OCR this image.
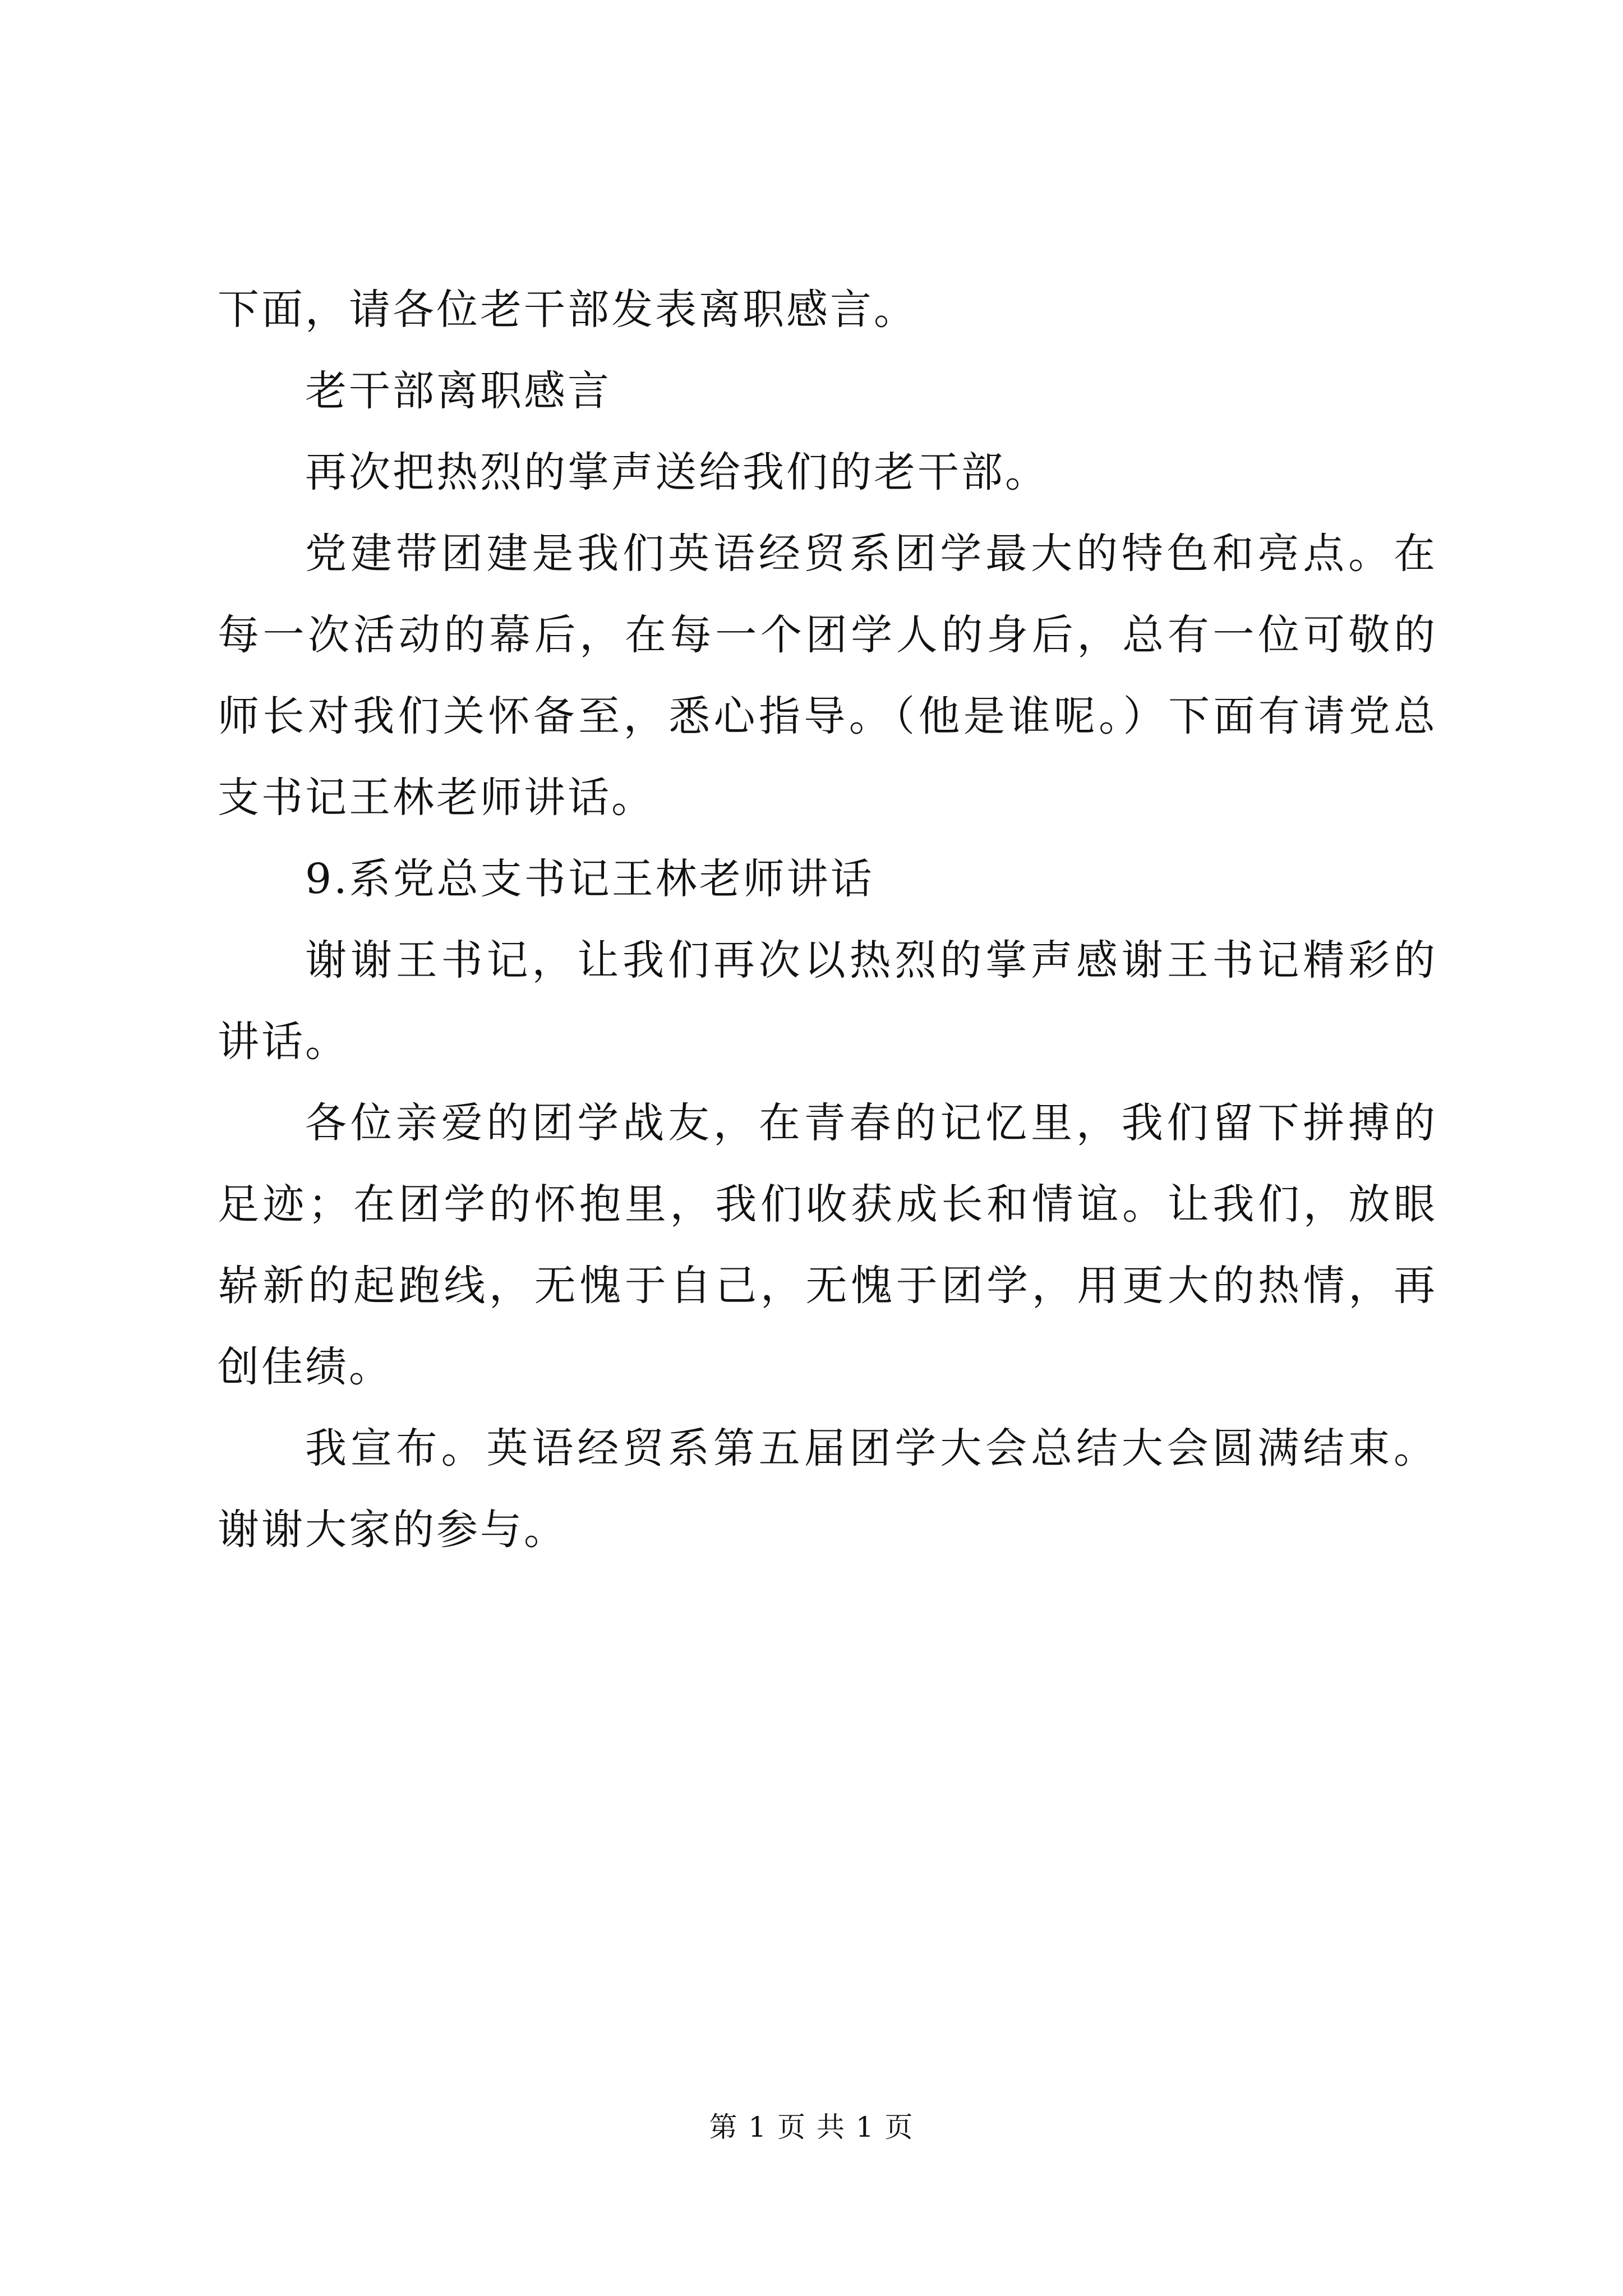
下面，请各位老干部发表离职感言。

老干部离职感言

再次把热烈的掌声送给我们的老干部。

党建带团建是我们英语经贸系团学最大的特色和亮点。在每一次活动的幕后，在每一个团学人的身后，总有一位可敬的师长对我们关怀备至，悉心指导。（他是谁呢。）下面有请党总支书记王林老师讲话。

9.系党总支书记王林老师讲话

谢谢王书记，让我们再次以热烈的掌声感谢王书记精彩的讲话。

各位亲爱的团学战友，在青春的记忆里，我们留下拼搏的足迹；在团学的怀抱里，我们收获成长和情谊。让我们，放眼崭新的起跑线，无愧于自己，无愧于团学，用更大的热情，再创佳绩。

我宣布。英语经贸系第五届团学大会总结大会圆满结束。谢谢大家的参与。

第 1 页 共 1 页
